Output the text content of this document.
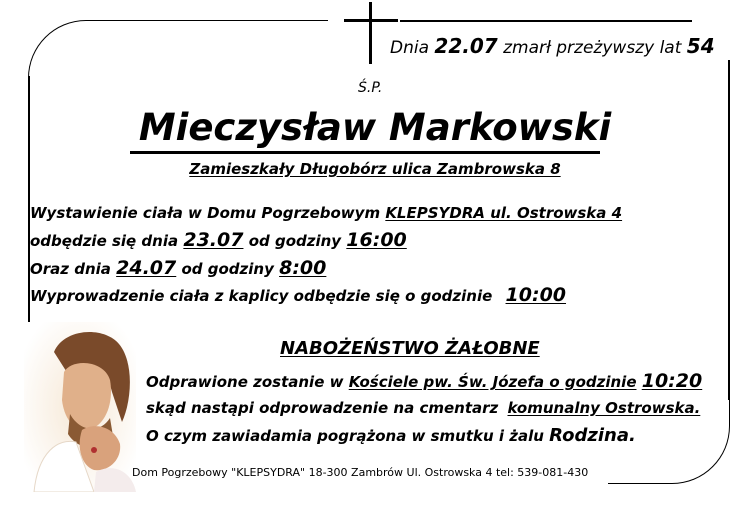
Dnia 22.07 zmarł przeżywszy lat 54
Ś.P.
Mieczysław Markowski
Zamieszkały Długobórz ulica Zambrowska 8
Wystawienie ciała w Domu Pogrzebowym KLEPSYDRA ul. Ostrowska 4
odbędzie się dnia 23.07 od godziny 16:00
Oraz dnia 24.07 od godziny 8:00
Wyprowadzenie ciała z kaplicy odbędzie się o godzinie 10:00
NABOŻEŃSTWO ŻAŁOBNE
Odprawione zostanie w Kościele pw. Św. Józefa o godzinie 10:20
skąd nastąpi odprowadzenie na cmentarz komunalny Ostrowska.
O czym zawiadamia pogrążona w smutku i żalu Rodzina.
Dom Pogrzebowy "KLEPSYDRA" 18-300 Zambrów Ul. Ostrowska 4 tel: 539-081-430
